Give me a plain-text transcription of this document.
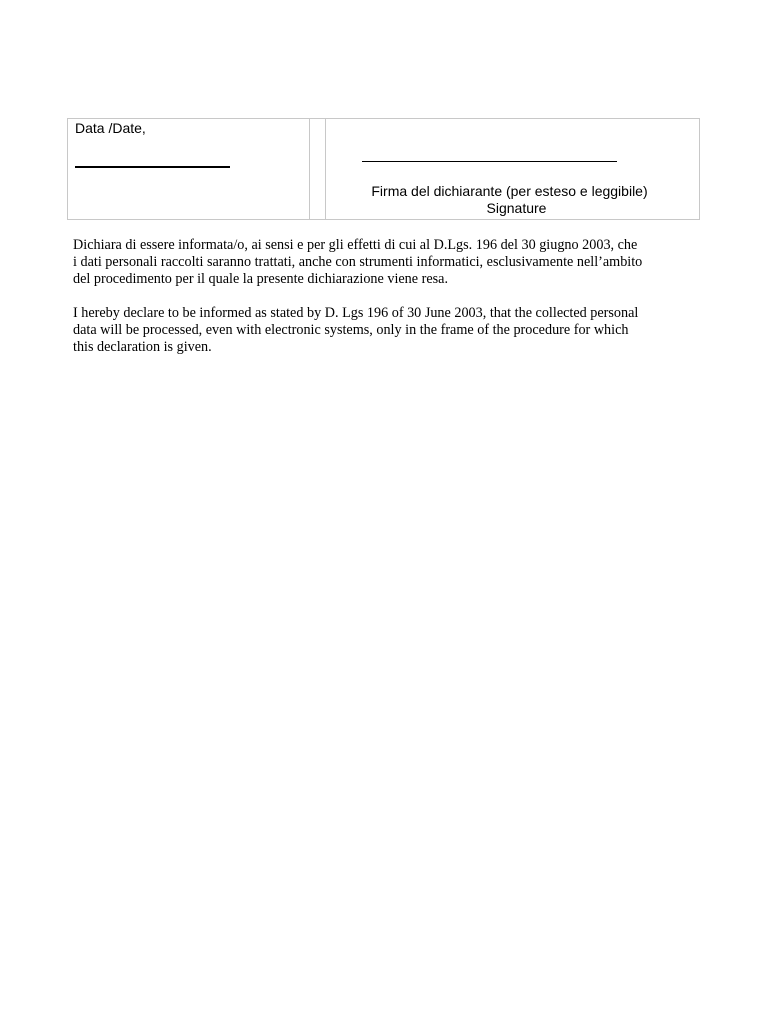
Data /Date,
Firma del dichiarante (per esteso e leggibile)
Signature

Dichiara di essere informata/o, ai sensi e per gli effetti di cui al D.Lgs. 196 del 30 giugno 2003, che
i dati personali raccolti saranno trattati, anche con strumenti informatici, esclusivamente nell’ambito
del procedimento per il quale la presente dichiarazione viene resa.

I hereby declare to be informed as stated by D. Lgs 196 of 30 June 2003, that the collected personal
data will be processed, even with electronic systems, only in the frame of the procedure for which
this declaration is given.
